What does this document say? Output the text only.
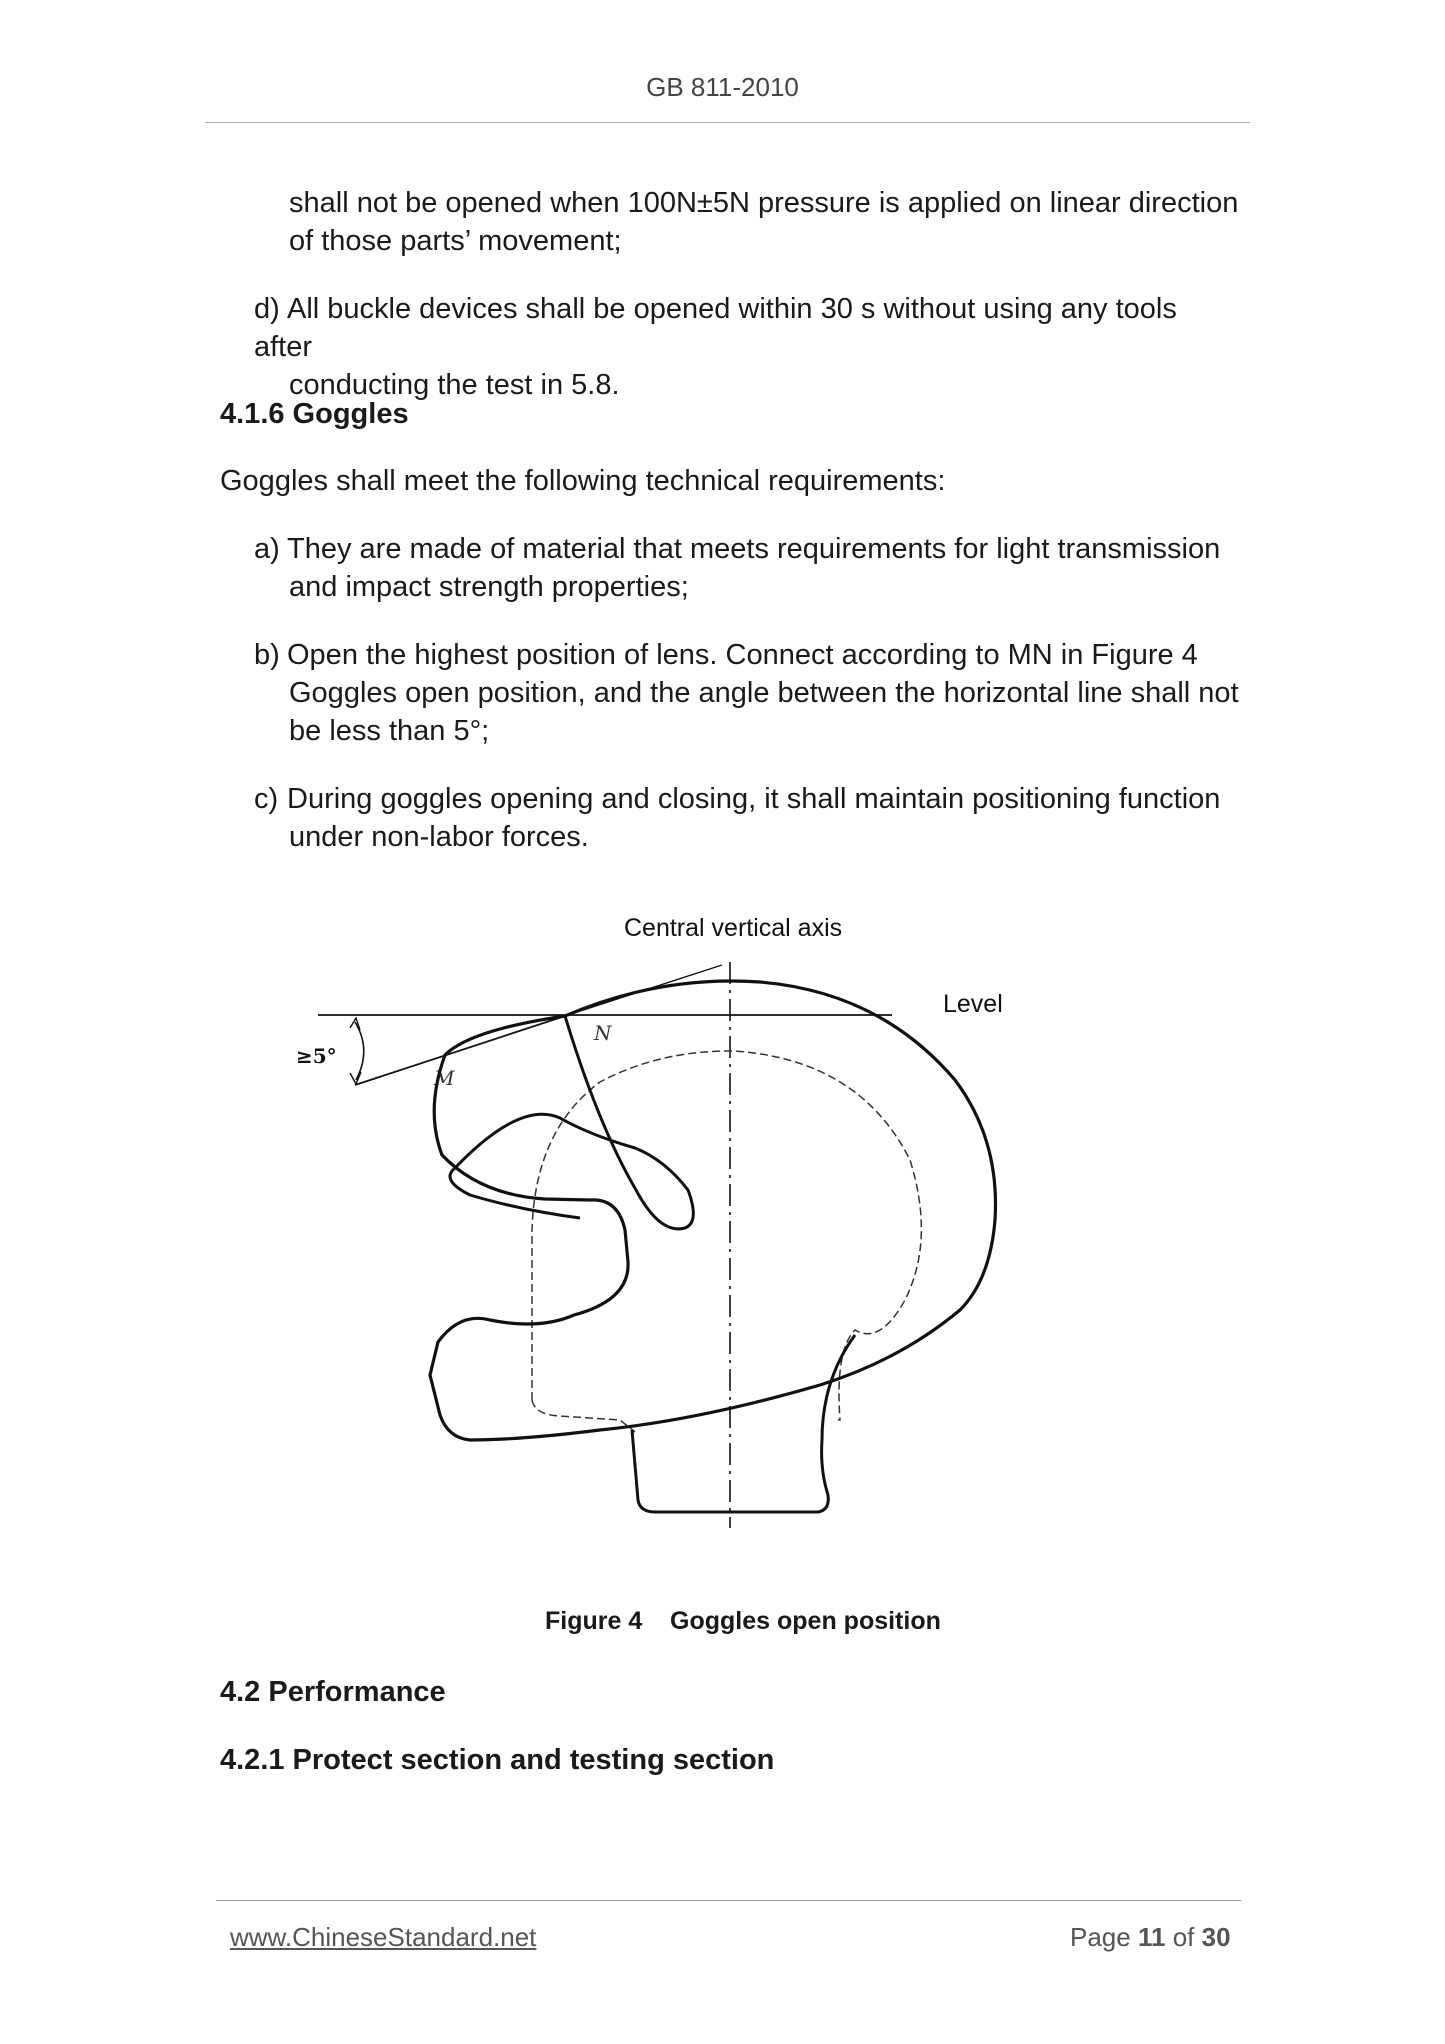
GB 811-2010
shall not be opened when 100N±5N pressure is applied on linear direction
of those parts’ movement;
d) All buckle devices shall be opened within 30 s without using any tools after
conducting the test in 5.8.
4.1.6 Goggles
Goggles shall meet the following technical requirements:
a) They are made of material that meets requirements for light transmission
and impact strength properties;
b) Open the highest position of lens. Connect according to MN in Figure 4
Goggles open position, and the angle between the horizontal line shall not
be less than 5°;
c) During goggles opening and closing, it shall maintain positioning function
under non-labor forces.
Central vertical axis
Level
≥5°
M
N
Figure 4 Goggles open position
4.2 Performance
4.2.1 Protect section and testing section
www.ChineseStandard.net	Page 11 of 30
